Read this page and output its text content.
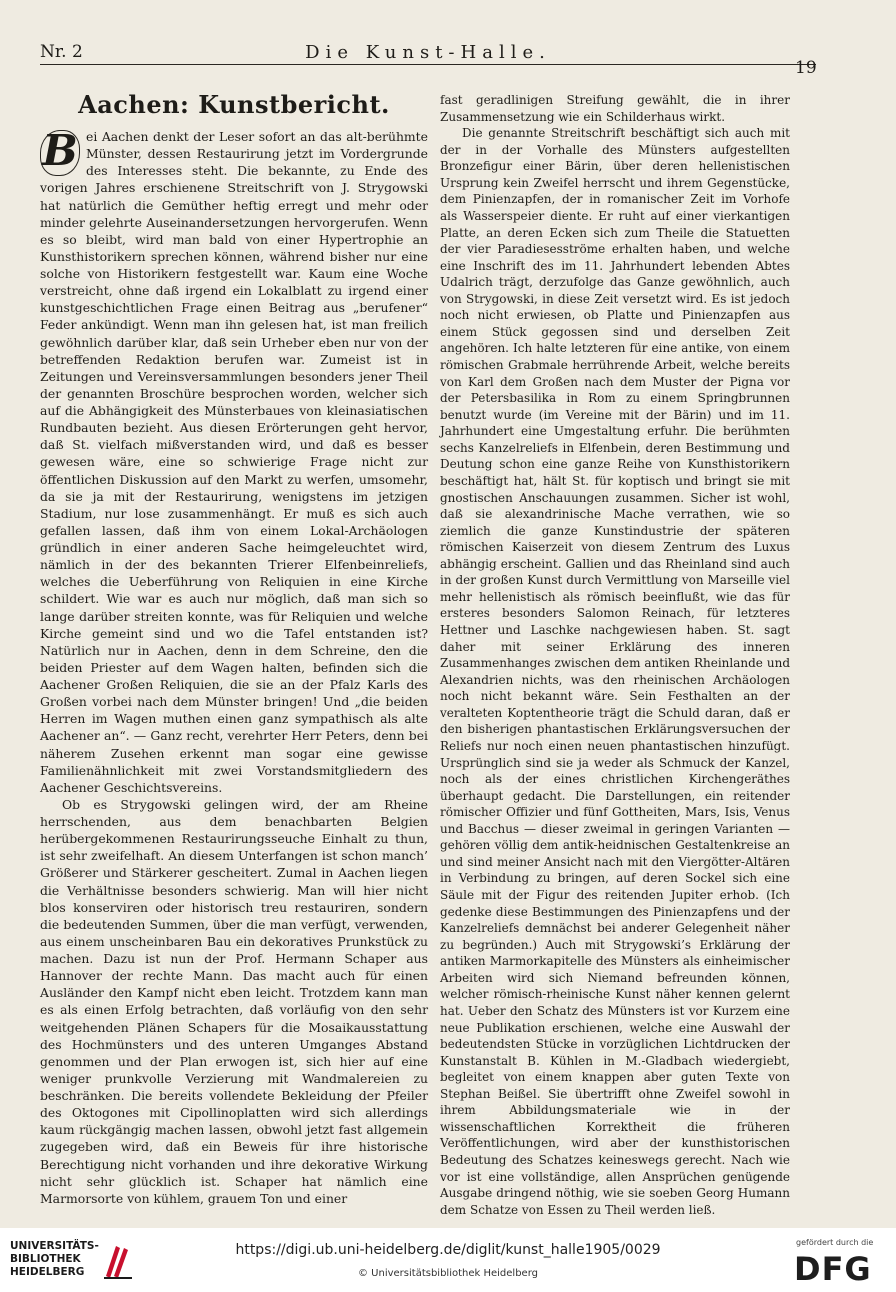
Nr. 2	Die Kunst-Halle.
19
Aachen: Kunstbericht.

B ei Aachen denkt der Leser sofort an das alt-berühmte Münster, dessen Restaurirung jetzt im Vordergrunde des Interesses steht. Die bekannte, zu Ende des vorigen Jahres erschienene Streitschrift von J. Strygowski hat natürlich die Gemüther heftig erregt und mehr oder minder gelehrte Auseinandersetzungen hervorgerufen. Wenn es so bleibt, wird man bald von einer Hypertrophie an Kunsthistorikern sprechen können, während bisher nur eine solche von Historikern festgestellt war. Kaum eine Woche verstreicht, ohne daß irgend ein Lokalblatt zu irgend einer kunstgeschichtlichen Frage einen Beitrag aus „berufener“ Feder ankündigt. Wenn man ihn gelesen hat, ist man freilich gewöhnlich darüber klar, daß sein Urheber eben nur von der betreffenden Redaktion berufen war. Zumeist ist in Zeitungen und Vereinsversammlungen besonders jener Theil der genannten Broschüre besprochen worden, welcher sich auf die Abhängigkeit des Münsterbaues von kleinasiatischen Rundbauten bezieht. Aus diesen Erörterungen geht hervor, daß St. vielfach mißverstanden wird, und daß es besser gewesen wäre, eine so schwierige Frage nicht zur öffentlichen Diskussion auf den Markt zu werfen, umsomehr, da sie ja mit der Restaurirung, wenigstens im jetzigen Stadium, nur lose zusammenhängt. Er muß es sich auch gefallen lassen, daß ihm von einem Lokal-Archäologen gründlich in einer anderen Sache heimgeleuchtet wird, nämlich in der des bekannten Trierer Elfenbeinreliefs, welches die Ueberführung von Reliquien in eine Kirche schildert. Wie war es auch nur möglich, daß man sich so lange darüber streiten konnte, was für Reliquien und welche Kirche gemeint sind und wo die Tafel entstanden ist? Natürlich nur in Aachen, denn in dem Schreine, den die beiden Priester auf dem Wagen halten, befinden sich die Aachener Großen Reliquien, die sie an der Pfalz Karls des Großen vorbei nach dem Münster bringen! Und „die beiden Herren im Wagen muthen einen ganz sympathisch als alte Aachener an“. — Ganz recht, verehrter Herr Peters, denn bei näherem Zusehen erkennt man sogar eine gewisse Familienähnlichkeit mit zwei Vorstandsmitgliedern des Aachener Geschichtsvereins.

Ob es Strygowski gelingen wird, der am Rheine herrschenden, aus dem benachbarten Belgien herübergekommenen Restaurirungsseuche Einhalt zu thun, ist sehr zweifelhaft. An diesem Unterfangen ist schon manch’ Größerer und Stärkerer gescheitert. Zumal in Aachen liegen die Verhältnisse besonders schwierig. Man will hier nicht blos konserviren oder historisch treu restauriren, sondern die bedeutenden Summen, über die man verfügt, verwenden, aus einem unscheinbaren Bau ein dekoratives Prunkstück zu machen. Dazu ist nun der Prof. Hermann Schaper aus Hannover der rechte Mann. Das macht auch für einen Ausländer den Kampf nicht eben leicht. Trotzdem kann man es als einen Erfolg betrachten, daß vorläufig von den sehr weitgehenden Plänen Schapers für die Mosaikausstattung des Hochmünsters und des unteren Umganges Abstand genommen und der Plan erwogen ist, sich hier auf eine weniger prunkvolle Verzierung mit Wandmalereien zu beschränken. Die bereits vollendete Bekleidung der Pfeiler des Oktogones mit Cipollinoplatten wird sich allerdings kaum rückgängig machen lassen, obwohl jetzt fast allgemein zugegeben wird, daß ein Beweis für ihre historische Berechtigung nicht vorhanden und ihre dekorative Wirkung nicht sehr glücklich ist. Schaper hat nämlich eine Marmorsorte von kühlem, grauem Ton und einer

fast geradlinigen Streifung gewählt, die in ihrer Zusammensetzung wie ein Schilderhaus wirkt.

Die genannte Streitschrift beschäftigt sich auch mit der in der Vorhalle des Münsters aufgestellten Bronzefigur einer Bärin, über deren hellenistischen Ursprung kein Zweifel herrscht und ihrem Gegenstücke, dem Pinienzapfen, der in romanischer Zeit im Vorhofe als Wasserspeier diente. Er ruht auf einer vierkantigen Platte, an deren Ecken sich zum Theile die Statuetten der vier Paradiesesströme erhalten haben, und welche eine Inschrift des im 11. Jahrhundert lebenden Abtes Udalrich trägt, derzufolge das Ganze gewöhnlich, auch von Strygowski, in diese Zeit versetzt wird. Es ist jedoch noch nicht erwiesen, ob Platte und Pinienzapfen aus einem Stück gegossen sind und derselben Zeit angehören. Ich halte letzteren für eine antike, von einem römischen Grabmale herrührende Arbeit, welche bereits von Karl dem Großen nach dem Muster der Pigna vor der Petersbasilika in Rom zu einem Springbrunnen benutzt wurde (im Vereine mit der Bärin) und im 11. Jahrhundert eine Umgestaltung erfuhr. Die berühmten sechs Kanzelreliefs in Elfenbein, deren Bestimmung und Deutung schon eine ganze Reihe von Kunsthistorikern beschäftigt hat, hält St. für koptisch und bringt sie mit gnostischen Anschauungen zusammen. Sicher ist wohl, daß sie alexandrinische Mache verrathen, wie so ziemlich die ganze Kunstindustrie der späteren römischen Kaiserzeit von diesem Zentrum des Luxus abhängig erscheint. Gallien und das Rheinland sind auch in der großen Kunst durch Vermittlung von Marseille viel mehr hellenistisch als römisch beeinflußt, wie das für ersteres besonders Salomon Reinach, für letzteres Hettner und Laschke nachgewiesen haben. St. sagt daher mit seiner Erklärung des inneren Zusammenhanges zwischen dem antiken Rheinlande und Alexandrien nichts, was den rheinischen Archäologen noch nicht bekannt wäre. Sein Festhalten an der veralteten Koptentheorie trägt die Schuld daran, daß er den bisherigen phantastischen Erklärungsversuchen der Reliefs nur noch einen neuen phantastischen hinzufügt. Ursprünglich sind sie ja weder als Schmuck der Kanzel, noch als der eines christlichen Kirchengeräthes überhaupt gedacht. Die Darstellungen, ein reitender römischer Offizier und fünf Gottheiten, Mars, Isis, Venus und Bacchus — dieser zweimal in geringen Varianten — gehören völlig dem antik-heidnischen Gestaltenkreise an und sind meiner Ansicht nach mit den Viergötter-Altären in Verbindung zu bringen, auf deren Sockel sich eine Säule mit der Figur des reitenden Jupiter erhob. (Ich gedenke diese Bestimmungen des Pinienzapfens und der Kanzelreliefs demnächst bei anderer Gelegenheit näher zu begründen.) Auch mit Strygowski’s Erklärung der antiken Marmorkapitelle des Münsters als einheimischer Arbeiten wird sich Niemand befreunden können, welcher römisch-rheinische Kunst näher kennen gelernt hat. Ueber den Schatz des Münsters ist vor Kurzem eine neue Publikation erschienen, welche eine Auswahl der bedeutendsten Stücke in vorzüglichen Lichtdrucken der Kunstanstalt B. Kühlen in M.-Gladbach wiedergiebt, begleitet von einem knappen aber guten Texte von Stephan Beißel. Sie übertrifft ohne Zweifel sowohl in ihrem Abbildungsmateriale wie in der wissenschaftlichen Korrektheit die früheren Veröffentlichungen, wird aber der kunsthistorischen Bedeutung des Schatzes keineswegs gerecht. Nach wie vor ist eine vollständige, allen Ansprüchen genügende Ausgabe dringend nöthig, wie sie soeben Georg Humann dem Schatze von Essen zu Theil werden ließ.

UNIVERSITÄTS-
BIBLIOTHEK
HEIDELBERG
https://digi.ub.uni-heidelberg.de/diglit/kunst_halle1905/0029
© Universitätsbibliothek Heidelberg
gefördert durch die
DFG
